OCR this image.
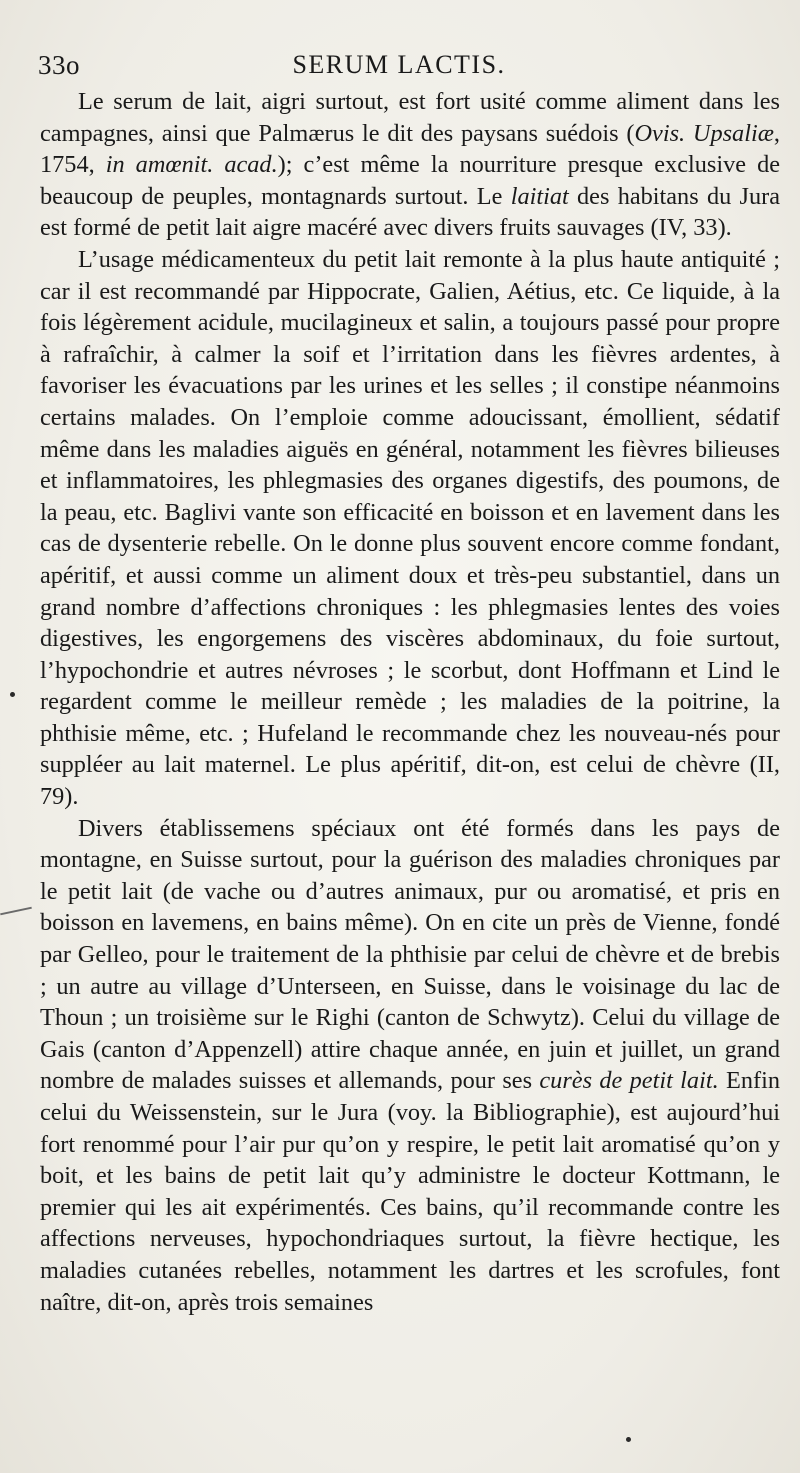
33o	SERUM LACTIS.

Le serum de lait, aigri surtout, est fort usité comme aliment dans les campagnes, ainsi que Palmærus le dit des paysans suédois (Ovis. Upsaliæ, 1754, in amœnit. acad.); c’est même la nourriture presque exclusive de beaucoup de peuples, montagnards surtout. Le laitiat des habitans du Jura est formé de petit lait aigre macéré avec divers fruits sauvages (IV, 33).

L’usage médicamenteux du petit lait remonte à la plus haute antiquité ; car il est recommandé par Hippocrate, Galien, Aétius, etc. Ce liquide, à la fois légèrement acidule, mucilagineux et salin, a toujours passé pour propre à rafraîchir, à calmer la soif et l’irritation dans les fièvres ardentes, à favoriser les évacuations par les urines et les selles ; il constipe néanmoins certains malades. On l’emploie comme adoucissant, émollient, sédatif même dans les maladies aiguës en général, notamment les fièvres bilieuses et inflammatoires, les phlegmasies des organes digestifs, des poumons, de la peau, etc. Baglivi vante son efficacité en boisson et en lavement dans les cas de dysenterie rebelle. On le donne plus souvent encore comme fondant, apéritif, et aussi comme un aliment doux et très-peu substantiel, dans un grand nombre d’affections chroniques : les phlegmasies lentes des voies digestives, les engorgemens des viscères abdominaux, du foie surtout, l’hypochondrie et autres névroses ; le scorbut, dont Hoffmann et Lind le regardent comme le meilleur remède ; les maladies de la poitrine, la phthisie même, etc. ; Hufeland le recommande chez les nouveau-nés pour suppléer au lait maternel. Le plus apéritif, dit-on, est celui de chèvre (II, 79).

Divers établissemens spéciaux ont été formés dans les pays de montagne, en Suisse surtout, pour la guérison des maladies chroniques par le petit lait (de vache ou d’autres animaux, pur ou aromatisé, et pris en boisson en lavemens, en bains même). On en cite un près de Vienne, fondé par Gelleo, pour le traitement de la phthisie par celui de chèvre et de brebis ; un autre au village d’Unterseen, en Suisse, dans le voisinage du lac de Thoun ; un troisième sur le Righi (canton de Schwytz). Celui du village de Gais (canton d’Appenzell) attire chaque année, en juin et juillet, un grand nombre de malades suisses et allemands, pour ses curès de petit lait. Enfin celui du Weissenstein, sur le Jura (voy. la Bibliographie), est aujourd’hui fort renommé pour l’air pur qu’on y respire, le petit lait aromatisé qu’on y boit, et les bains de petit lait qu’y administre le docteur Kottmann, le premier qui les ait expérimentés. Ces bains, qu’il recommande contre les affections nerveuses, hypochondriaques surtout, la fièvre hectique, les maladies cutanées rebelles, notamment les dartres et les scrofules, font naître, dit-on, après trois semaines
